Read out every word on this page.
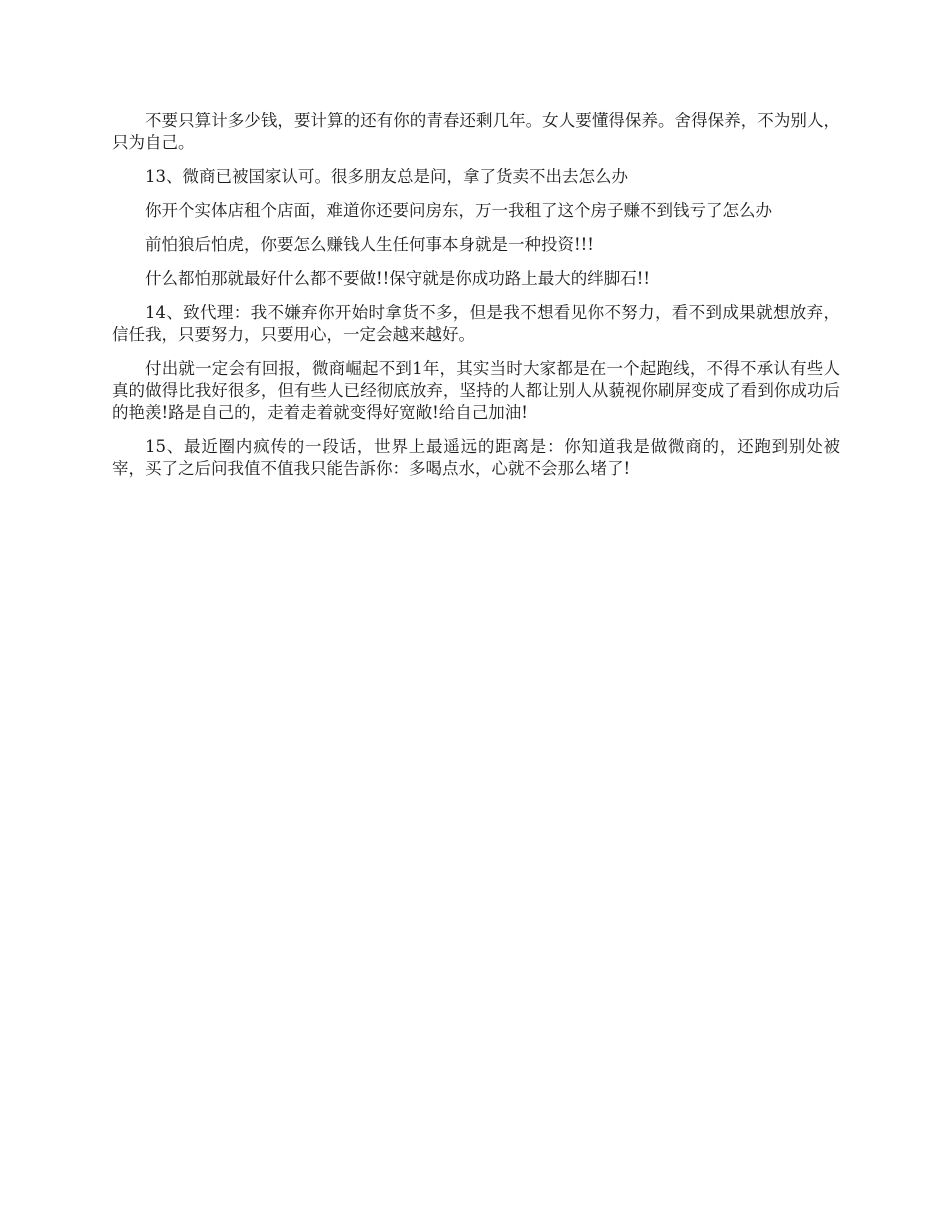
不要只算计多少钱，要计算的还有你的青春还剩几年。女人要懂得保养。舍得保养，不为别人，只为自己。

13、微商已被国家认可。很多朋友总是问，拿了货卖不出去怎么办

你开个实体店租个店面，难道你还要问房东，万一我租了这个房子赚不到钱亏了怎么办

前怕狼后怕虎，你要怎么赚钱人生任何事本身就是一种投资!!!

什么都怕那就最好什么都不要做!!保守就是你成功路上最大的绊脚石!!

14、致代理：我不嫌弃你开始时拿货不多，但是我不想看见你不努力，看不到成果就想放弃，信任我，只要努力，只要用心，一定会越来越好。

付出就一定会有回报，微商崛起不到1年，其实当时大家都是在一个起跑线，不得不承认有些人真的做得比我好很多，但有些人已经彻底放弃，坚持的人都让别人从藐视你刷屏变成了看到你成功后的艳羡!路是自己的，走着走着就变得好宽敞!给自己加油!

15、最近圈内疯传的一段话，世界上最遥远的距离是：你知道我是做微商的，还跑到别处被宰，买了之后问我值不值我只能告訴你：多喝点水，心就不会那么堵了!
